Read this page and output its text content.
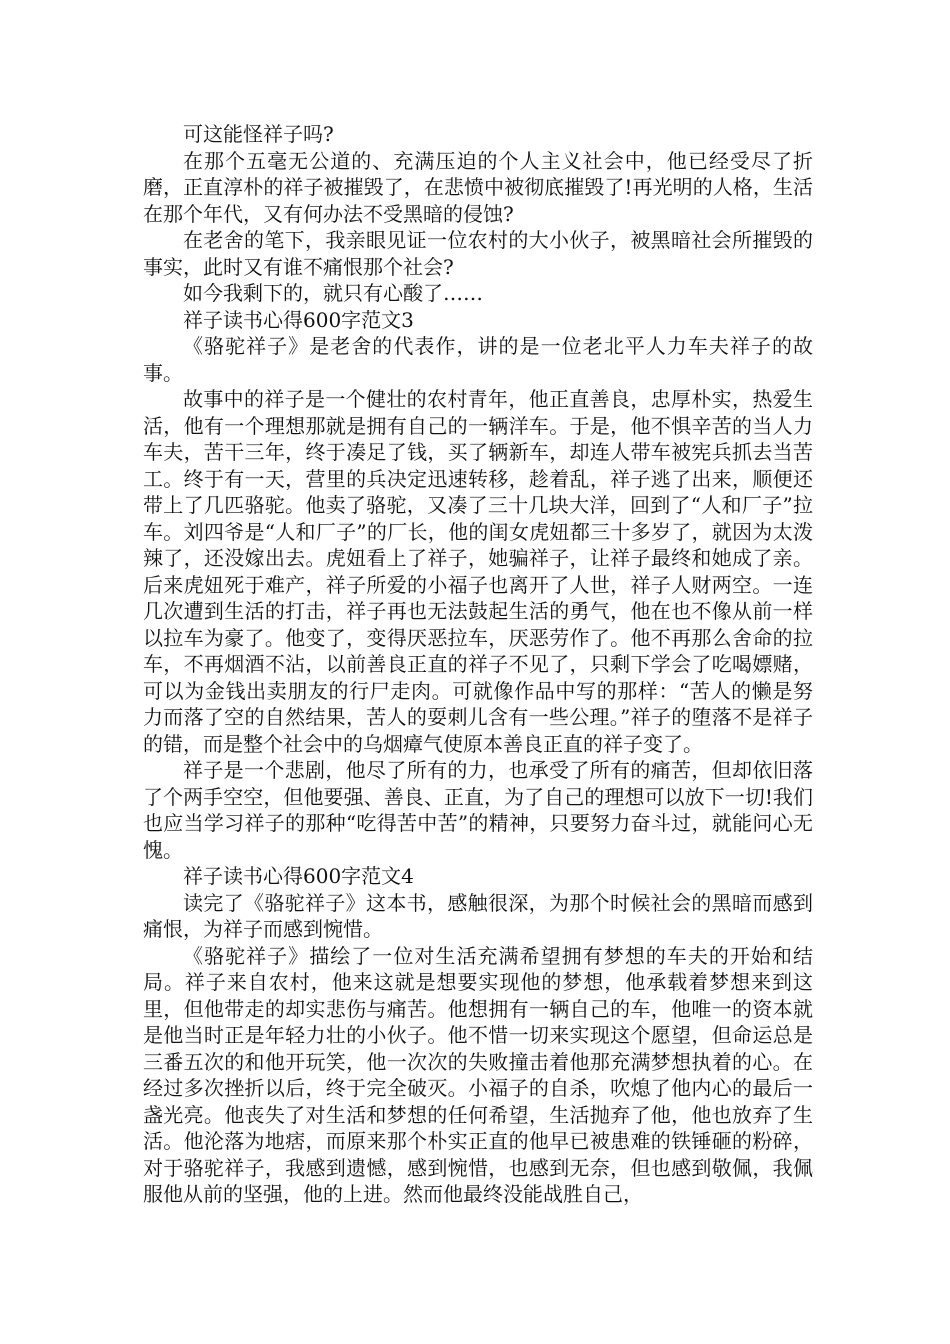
可这能怪祥子吗?

在那个五毫无公道的、充满压迫的个人主义社会中，他已经受尽了折磨，正直淳朴的祥子被摧毁了，在悲愤中被彻底摧毁了!再光明的人格，生活在那个年代，又有何办法不受黑暗的侵蚀?

在老舍的笔下，我亲眼见证一位农村的大小伙子，被黑暗社会所摧毁的事实，此时又有谁不痛恨那个社会?

如今我剩下的，就只有心酸了……

祥子读书心得600字范文3

《骆驼祥子》是老舍的代表作，讲的是一位老北平人力车夫祥子的故事。

故事中的祥子是一个健壮的农村青年，他正直善良，忠厚朴实，热爱生活，他有一个理想那就是拥有自己的一辆洋车。于是，他不惧辛苦的当人力车夫，苦干三年，终于凑足了钱，买了辆新车，却连人带车被宪兵抓去当苦工。终于有一天，营里的兵决定迅速转移，趁着乱，祥子逃了出来，顺便还带上了几匹骆驼。他卖了骆驼，又凑了三十几块大洋，回到了“人和厂子”拉车。刘四爷是“人和厂子”的厂长，他的闺女虎妞都三十多岁了，就因为太泼辣了，还没嫁出去。虎妞看上了祥子，她骗祥子，让祥子最终和她成了亲。后来虎妞死于难产，祥子所爱的小福子也离开了人世，祥子人财两空。一连几次遭到生活的打击，祥子再也无法鼓起生活的勇气，他在也不像从前一样以拉车为豪了。他变了，变得厌恶拉车，厌恶劳作了。他不再那么舍命的拉车，不再烟酒不沾，以前善良正直的祥子不见了，只剩下学会了吃喝嫖赌，可以为金钱出卖朋友的行尸走肉。可就像作品中写的那样：“苦人的懒是努力而落了空的自然结果，苦人的耍刺儿含有一些公理。”祥子的堕落不是祥子的错，而是整个社会中的乌烟瘴气使原本善良正直的祥子变了。

祥子是一个悲剧，他尽了所有的力，也承受了所有的痛苦，但却依旧落了个两手空空，但他要强、善良、正直，为了自己的理想可以放下一切!我们也应当学习祥子的那种“吃得苦中苦”的精神，只要努力奋斗过，就能问心无愧。

祥子读书心得600字范文4

读完了《骆驼祥子》这本书，感触很深，为那个时候社会的黑暗而感到痛恨，为祥子而感到惋惜。

《骆驼祥子》描绘了一位对生活充满希望拥有梦想的车夫的开始和结局。祥子来自农村，他来这就是想要实现他的梦想，他承载着梦想来到这里，但他带走的却实悲伤与痛苦。他想拥有一辆自己的车，他唯一的资本就是他当时正是年轻力壮的小伙子。他不惜一切来实现这个愿望，但命运总是三番五次的和他开玩笑，他一次次的失败撞击着他那充满梦想执着的心。在经过多次挫折以后，终于完全破灭。小福子的自杀，吹熄了他内心的最后一盏光亮。他丧失了对生活和梦想的任何希望，生活抛弃了他，他也放弃了生活。他沦落为地痞，而原来那个朴实正直的他早已被患难的铁锤砸的粉碎，对于骆驼祥子，我感到遗憾，感到惋惜，也感到无奈，但也感到敬佩，我佩服他从前的坚强，他的上进。然而他最终没能战胜自己，
